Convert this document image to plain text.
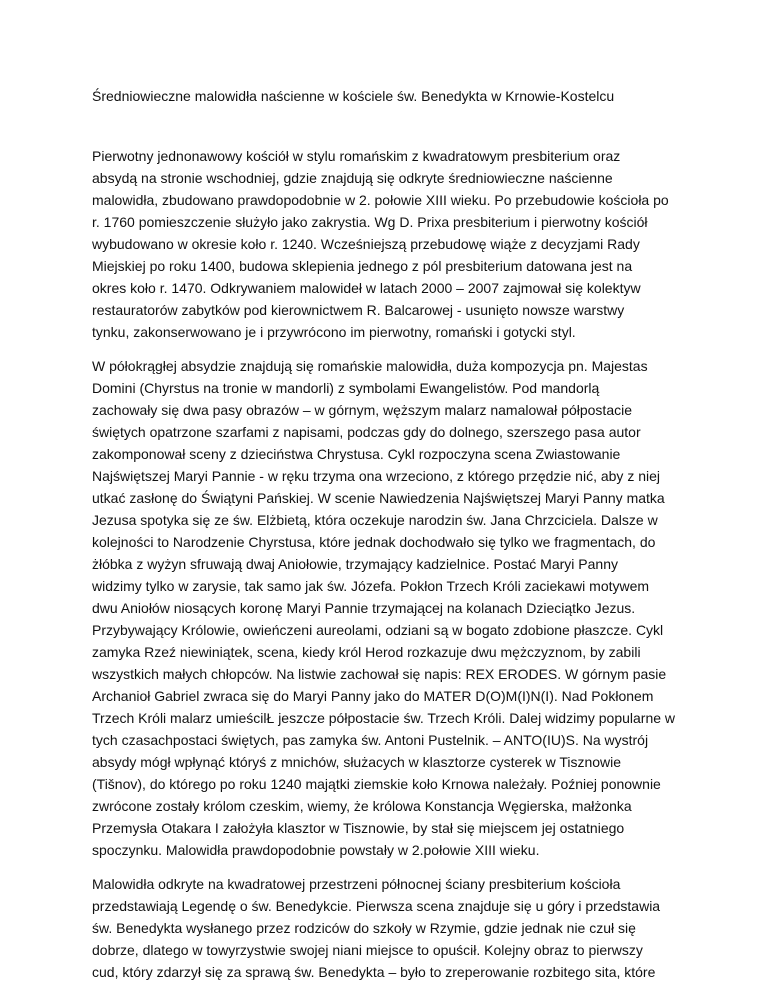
Średniowieczne malowidła naścienne w kościele św. Benedykta w Krnowie-Kostelcu

Pierwotny jednonawowy kościół w stylu romańskim z kwadratowym presbiterium oraz
absydą na stronie wschodniej, gdzie znajdują się odkryte średniowieczne naścienne
malowidła, zbudowano prawdopodobnie w 2. połowie XIII wieku. Po przebudowie kościoła po
r. 1760 pomieszczenie służyło jako zakrystia. Wg D. Prixa presbiterium i pierwotny kościół
wybudowano w okresie koło r. 1240. Wcześniejszą przebudowę wiąże z decyzjami Rady
Miejskiej po roku 1400, budowa sklepienia jednego z pól presbiterium datowana jest na
okres koło r. 1470. Odkrywaniem malowideł w latach 2000 – 2007 zajmował się kolektyw
restauratorów zabytków pod kierownictwem R. Balcarowej - usunięto nowsze warstwy
tynku, zakonserwowano je i przywrócono im pierwotny, romański i gotycki styl.

W półokrągłej absydzie znajdują się romańskie malowidła, duża kompozycja pn. Majestas
Domini (Chyrstus na tronie w mandorli) z symbolami Ewangelistów. Pod mandorlą
zachowały się dwa pasy obrazów – w górnym, węższym malarz namalował półpostacie
świętych opatrzone szarfami z napisami, podczas gdy do dolnego, szerszego pasa autor
zakomponował sceny z dzieciństwa Chrystusa. Cykl rozpoczyna scena Zwiastowanie
Najświętszej Maryi Pannie - w ręku trzyma ona wrzeciono, z którego przędzie nić, aby z niej
utkać zasłonę do Świątyni Pańskiej. W scenie Nawiedzenia Najświętszej Maryi Panny matka
Jezusa spotyka się ze św. Elżbietą, która oczekuje narodzin św. Jana Chrzciciela. Dalsze w
kolejności to Narodzenie Chyrstusa, które jednak dochodwało się tylko we fragmentach, do
żłóbka z wyżyn sfruwają dwaj Aniołowie, trzymający kadzielnice. Postać Maryi Panny
widzimy tylko w zarysie, tak samo jak św. Józefa. Pokłon Trzech Króli zaciekawi motywem
dwu Aniołów niosących koronę Maryi Pannie trzymającej na kolanach Dzieciątko Jezus.
Przybywający Królowie, owieńczeni aureolami, odziani są w bogato zdobione płaszcze. Cykl
zamyka Rzeź niewiniątek, scena, kiedy król Herod rozkazuje dwu mężczyznom, by zabili
wszystkich małych chłopców. Na listwie zachował się napis: REX ERODES. W górnym pasie
Archanioł Gabriel zwraca się do Maryi Panny jako do MATER D(O)M(I)N(I). Nad Pokłonem
Trzech Króli malarz umieścilŁ jeszcze półpostacie św. Trzech Króli. Dalej widzimy popularne w
tych czasachpostaci świętych, pas zamyka św. Antoni Pustelnik. – ANTO(IU)S. Na wystrój
absydy mógł wpłynąć któryś z mnichów, służacych w klasztorze cysterek w Tisznowie
(Tišnov), do którego po roku 1240 majątki ziemskie koło Krnowa należały. Poźniej ponownie
zwrócone zostały królom czeskim, wiemy, że królowa Konstancja Węgierska, małżonka
Przemysła Otakara I założyła klasztor w Tisznowie, by stał się miejscem jej ostatniego
spoczynku. Malowidła prawdopodobnie powstały w 2.połowie XIII wieku.

Malowidła odkryte na kwadratowej przestrzeni północnej ściany presbiterium kościoła
przedstawiają Legendę o św. Benedykcie. Pierwsza scena znajduje się u góry i przedstawia
św. Benedykta wysłanego przez rodziców do szkoły w Rzymie, gdzie jednak nie czuł się
dobrze, dlatego w towyrzystwie swojej niani miejsce to opuścił. Kolejny obraz to pierwszy
cud, który zdarzył się za sprawą św. Benedykta – było to zreperowanie rozbitego sita, które
